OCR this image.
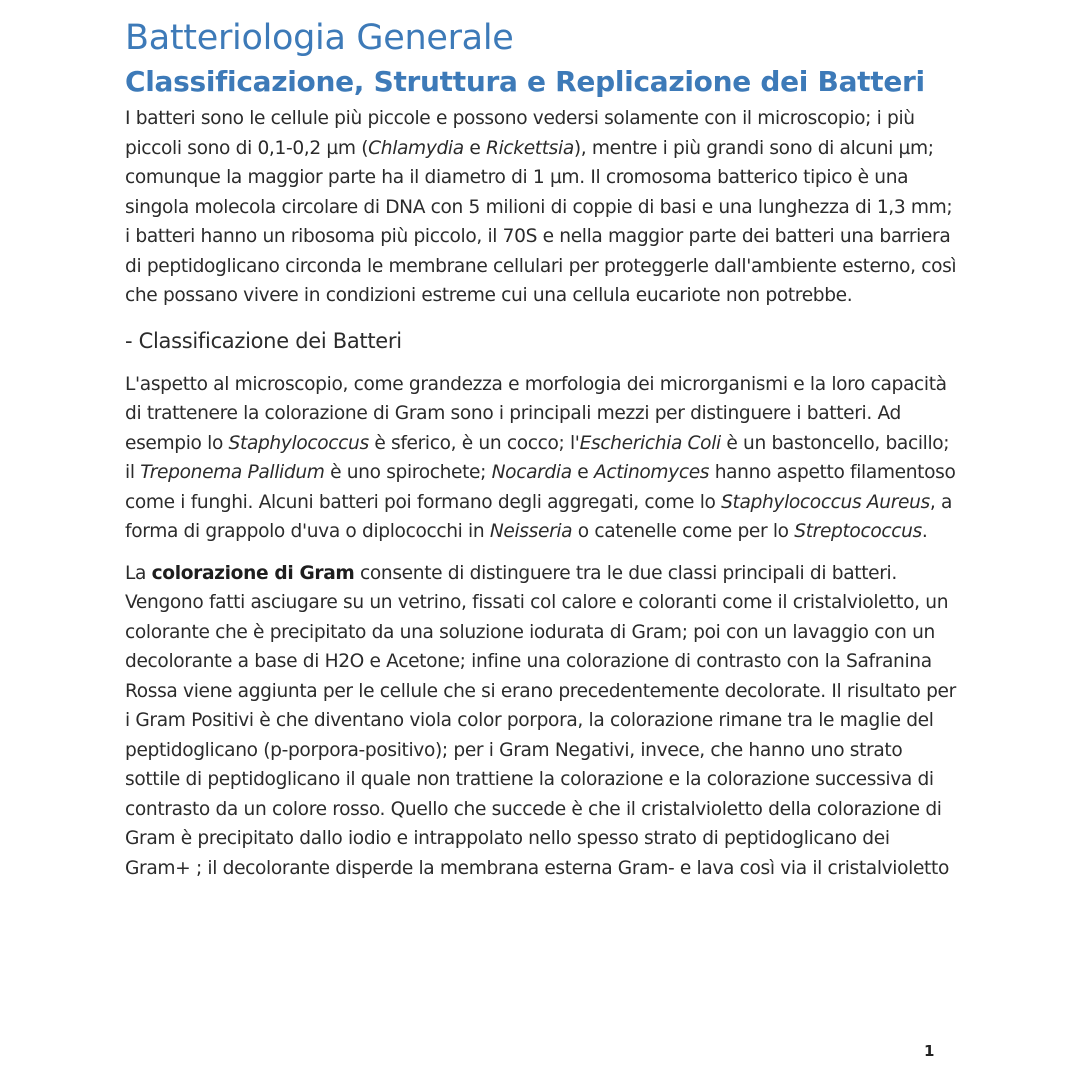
Batteriologia Generale
Classificazione, Struttura e Replicazione dei Batteri

I batteri sono le cellule più piccole e possono vedersi solamente con il microscopio; i più piccoli sono di 0,1-0,2 µm (Chlamydia e Rickettsia), mentre i più grandi sono di alcuni µm; comunque la maggior parte ha il diametro di 1 µm. Il cromosoma batterico tipico è una singola molecola circolare di DNA con 5 milioni di coppie di basi e una lunghezza di 1,3 mm; i batteri hanno un ribosoma più piccolo, il 70S e nella maggior parte dei batteri una barriera di peptidoglicano circonda le membrane cellulari per proteggerle dall'ambiente esterno, così che possano vivere in condizioni estreme cui una cellula eucariote non potrebbe.

- Classificazione dei Batteri

L'aspetto al microscopio, come grandezza e morfologia dei microrganismi e la loro capacità di trattenere la colorazione di Gram sono i principali mezzi per distinguere i batteri. Ad esempio lo Staphylococcus è sferico, è un cocco; l'Escherichia Coli è un bastoncello, bacillo; il Treponema Pallidum è uno spirochete; Nocardia e Actinomyces hanno aspetto filamentoso come i funghi. Alcuni batteri poi formano degli aggregati, come lo Staphylococcus Aureus, a forma di grappolo d'uva o diplococchi in Neisseria o catenelle come per lo Streptococcus.

La colorazione di Gram consente di distinguere tra le due classi principali di batteri. Vengono fatti asciugare su un vetrino, fissati col calore e coloranti come il cristalvioletto, un colorante che è precipitato da una soluzione iodurata di Gram; poi con un lavaggio con un decolorante a base di H2O e Acetone; infine una colorazione di contrasto con la Safranina Rossa viene aggiunta per le cellule che si erano precedentemente decolorate. Il risultato per i Gram Positivi è che diventano viola color porpora, la colorazione rimane tra le maglie del peptidoglicano (p-porpora-positivo); per i Gram Negativi, invece, che hanno uno strato sottile di peptidoglicano il quale non trattiene la colorazione e la colorazione successiva di contrasto da un colore rosso. Quello che succede è che il cristalvioletto della colorazione di Gram è precipitato dallo iodio e intrappolato nello spesso strato di peptidoglicano dei Gram+ ; il decolorante disperde la membrana esterna Gram- e lava così via il cristalvioletto

1
